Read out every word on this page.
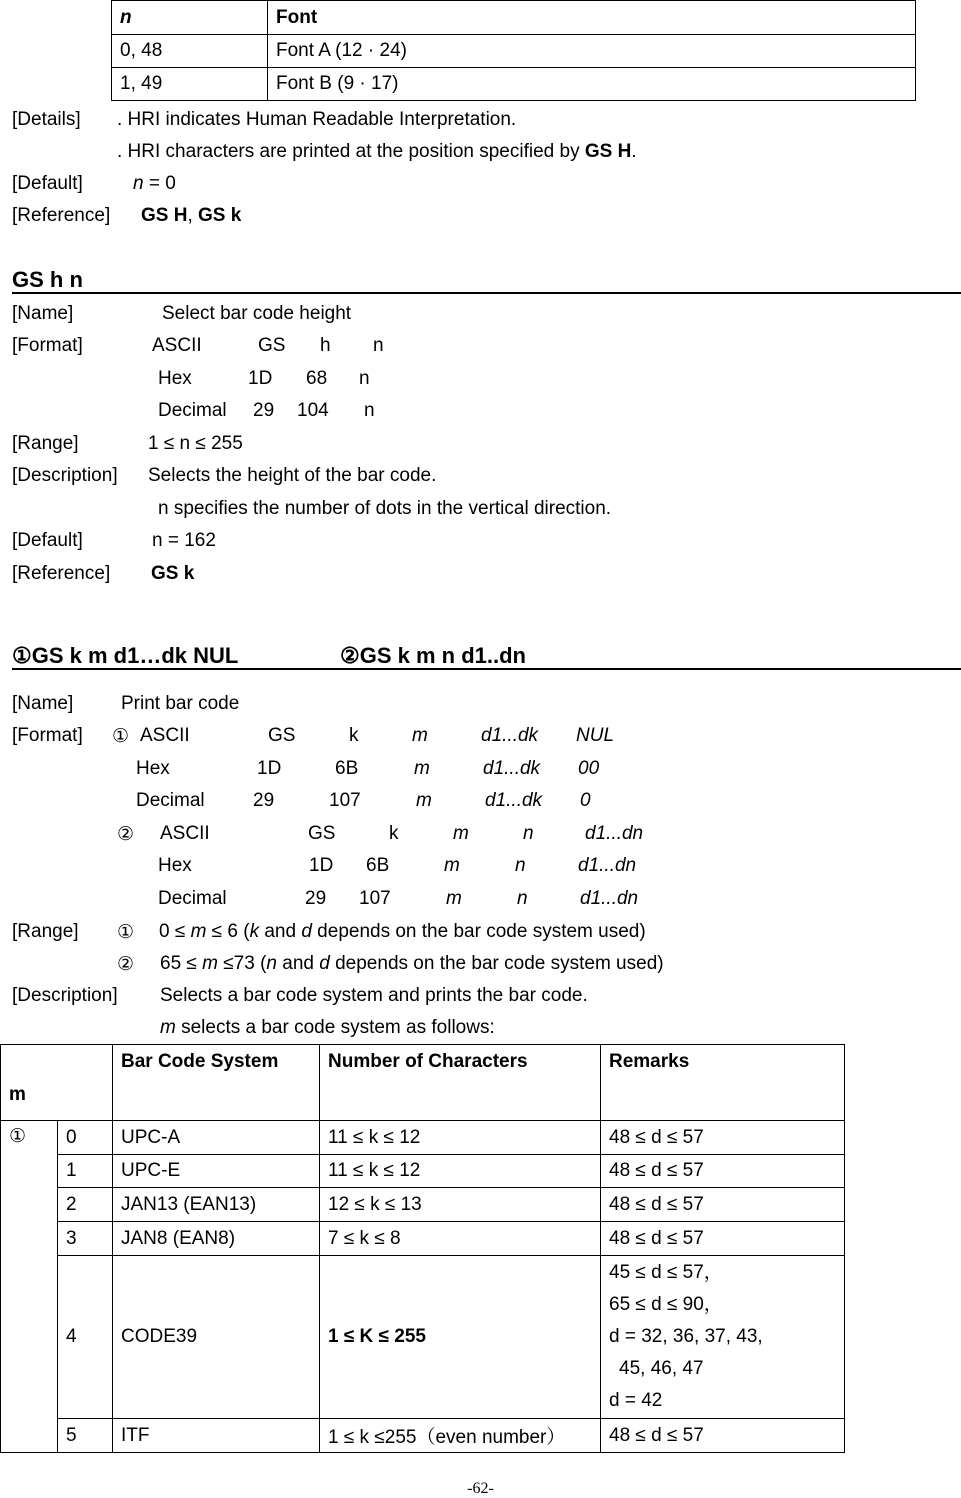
n	Font
0, 48	Font A (12 · 24)
1, 49	Font B (9 · 17)
[Details] . HRI indicates Human Readable Interpretation.
. HRI characters are printed at the position specified by GS H.
[Default]	n = 0
[Reference] GS H, GS k
GS h n
[Name]	Select bar code height
[Format]	ASCII	GS h n
Hex	1D 68 n
Decimal 29 104 n
[Range]	1 ≤ n ≤ 255
[Description] Selects the height of the bar code.
n specifies the number of dots in the vertical direction.
[Default]	n = 162
[Reference] GS k
①GS k m d1…dk NUL	②GS k m n d1..dn
[Name]	Print bar code
[Format] ① ASCII	GS	k	m	d1...dk NUL
Hex	1D	6B	m	d1...dk 00
Decimal	29	107	m	d1...dk 0
② ASCII	GS	k	m	n	d1...dn
Hex	1D 6B	m	n	d1...dn
Decimal	29 107	m	n	d1...dn
[Range] ① 0 ≤ m ≤ 6 (k and d depends on the bar code system used)
② 65 ≤ m ≤73 (n and d depends on the bar code system used)
[Description] Selects a bar code system and prints the bar code.
m selects a bar code system as follows:
m		Bar Code System	Number of Characters	Remarks
①	0	UPC-A	11 ≤ k ≤ 12	48 ≤ d ≤ 57
	1	UPC-E	11 ≤ k ≤ 12	48 ≤ d ≤ 57
	2	JAN13 (EAN13)	12 ≤ k ≤ 13	48 ≤ d ≤ 57
	3	JAN8 (EAN8)	7 ≤ k ≤ 8	48 ≤ d ≤ 57
	4	CODE39	1 ≤ K ≤ 255	45 ≤ d ≤ 57，
65 ≤ d ≤ 90，
d = 32, 36, 37, 43,
45, 46, 47
d = 42

	5	ITF	1 ≤ k ≤255（even number）	48 ≤ d ≤ 57
-62-
